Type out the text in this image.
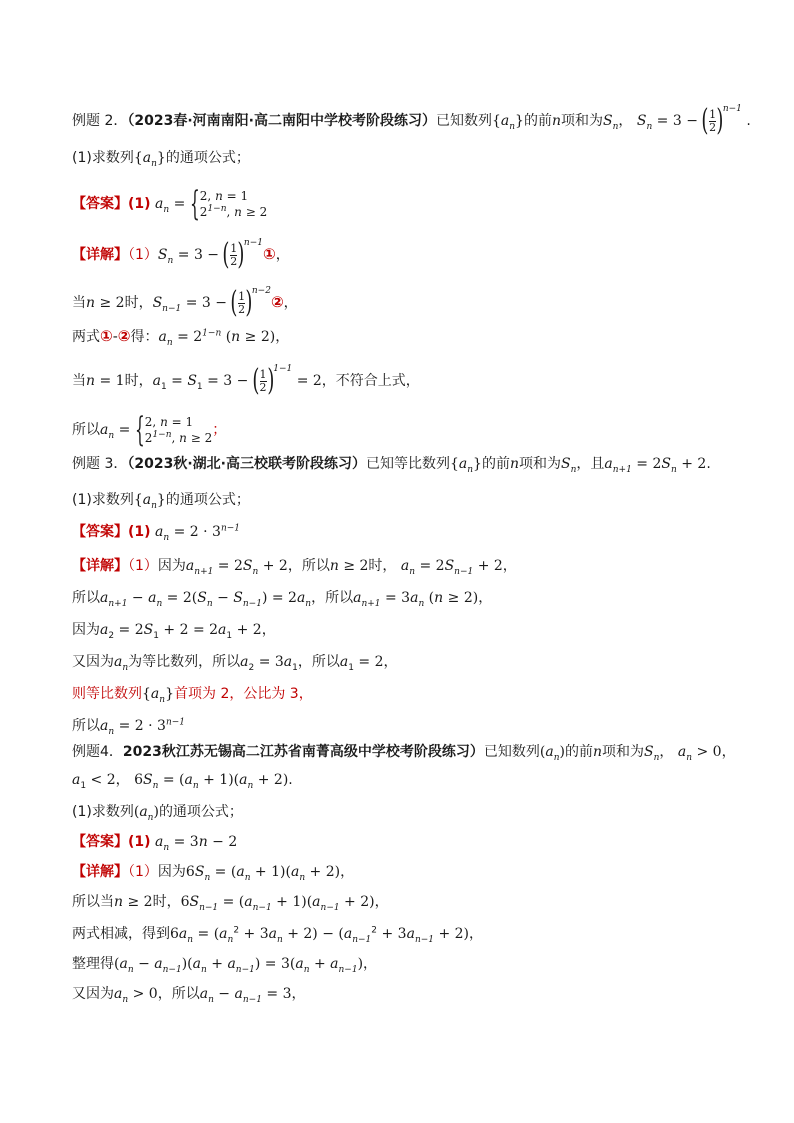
例题 2．（2023春·河南南阳·高二南阳中学校考阶段练习）已知数列$\{a_n\}$的前n项和为$S_n$， $S_n = 3$ − ( $\frac{1}{2} )^{n-1}$ .
(1)求数列$\{a_n\}$的通项公式；
【答案】(1) $a_n$ = { 2, n = 1
$2^{1-n}$, n ≥ 2
【详解】$(1)S_n = 3$ − ( $\frac{1}{2}$ )$^{n-1}$①，
当n ≥ 2时，$S_{n-1} = 3$ − ( $\frac{1}{2}$ )$^{n-2}$②，
两式①-②得：$a_n = 2^{1-n}$ (n ≥ 2)，
当n = 1时，$a_1 = S_1 = 3$ − ( $\frac{1}{2} )^{1-1} = 2$，不符合上式，
所以$a_n$ = { 2, n = 1
$2^{1-n}$, n ≥ 2 ；
例题 3．（2023秋·湖北·高三校联考阶段练习）已知等比数列$\{a_n\}$的前n项和为$S_n$，且$a_{n+1} = 2S_n + 2$.
(1)求数列$\{a_n\}$的通项公式；
【答案】(1) $a_n = 2 \cdot 3^{n-1}$
【详解】（1）因为$a_{n+1} = 2S_n + 2$，所以n ≥ 2时， $a_n = 2S_{n-1} + 2$，
所以$a_{n+1} - a_n = 2(S_n - S_{n-1}) = 2a_n$，所以$a_{n+1} = 3a_n$ (n ≥ 2)，
因为$a_2 = 2S_1 + 2 = 2a_1 + 2$，
又因为$a_n$为等比数列，所以$a_2 = 3a_1$，所以$a_1 = 2$，
则等比数列$\{a_n\}$首项为 2，公比为 3，
所以$a_n = 2 \cdot 3^{n-1}$
例题4．2023秋江苏无锡高二江苏省南菁高级中学校考阶段练习）已知数列$(a_n)$的前n项和为$S_n$， $a_n > 0$，
$a_1 < 2$， $6S_n = (a_n + 1)(a_n + 2)$.
(1)求数列$(a_n)$的通项公式；
【答案】(1) $a_n = 3n - 2$
【详解】（1）因为$6S_n = (a_n + 1)(a_n + 2)$，
所以当n ≥ 2时，$6S_{n-1} = (a_{n-1} + 1)(a_{n-1} + 2)$，
两式相减，得到$6a_n = (a_n^2 + 3a_n + 2) - (a_{n-1}^2 + 3a_{n-1} + 2)$，
整理得$(a_n - a_{n-1})(a_n + a_{n-1}) = 3(a_n + a_{n-1})$，
又因为$a_n > 0$，所以$a_n - a_{n-1} = 3$，
